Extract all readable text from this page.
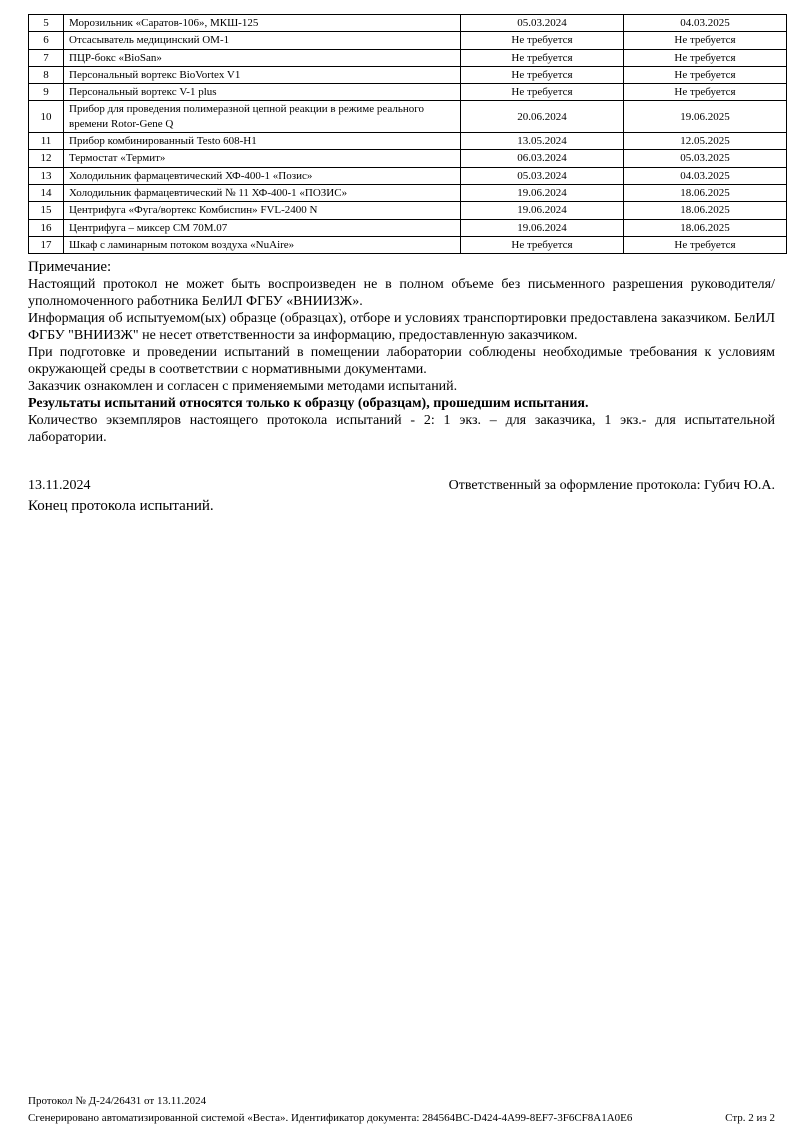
5	Морозильник «Саратов-106», МКШ-125	05.03.2024	04.03.2025
6	Отсасыватель медицинский ОМ-1	Не требуется	Не требуется
7	ПЦР-бокс «BioSan»	Не требуется	Не требуется
8	Персональный вортекс BioVortex V1	Не требуется	Не требуется
9	Персональный вортекс V-1 plus	Не требуется	Не требуется
10	Прибор для проведения полимеразной цепной реакции в режиме реального времени Rotor-Gene Q	20.06.2024	19.06.2025
11	Прибор комбинированный Testo 608-H1	13.05.2024	12.05.2025
12	Термостат «Термит»	06.03.2024	05.03.2025
13	Холодильник фармацевтический ХФ-400-1 «Позис»	05.03.2024	04.03.2025
14	Холодильник фармацевтический № 11 ХФ-400-1 «ПОЗИС»	19.06.2024	18.06.2025
15	Центрифуга «Фуга/вортекс Комбиспин» FVL-2400 N	19.06.2024	18.06.2025
16	Центрифуга – миксер СМ 70М.07	19.06.2024	18.06.2025
17	Шкаф с ламинарным потоком воздуха «NuAire»	Не требуется	Не требуется

Примечание:

Настоящий протокол не может быть воспроизведен не в полном объеме без письменного разрешения руководителя/уполномоченного работника БелИЛ ФГБУ «ВНИИЗЖ».

Информация об испытуемом(ых) образце (образцах), отборе и условиях транспортировки предоставлена заказчиком. БелИЛ ФГБУ "ВНИИЗЖ" не несет ответственности за информацию, предоставленную заказчиком.

При подготовке и проведении испытаний в помещении лаборатории соблюдены необходимые требования к условиям окружающей среды в соответствии с нормативными документами.

Заказчик ознакомлен и согласен с применяемыми методами испытаний.

Результаты испытаний относятся только к образцу (образцам), прошедшим испытания.

Количество экземпляров настоящего протокола испытаний - 2: 1 экз. – для заказчика, 1 экз.- для испытательной лаборатории.

13.11.2024	Ответственный за оформление протокола: Губич Ю.А.

Конец протокола испытаний.

Протокол № Д-24/26431 от 13.11.2024

Сгенерировано автоматизированной системой «Веста». Идентификатор документа: 284564BC-D424-4A99-8EF7-3F6CF8A1A0E6	Стр. 2 из 2
